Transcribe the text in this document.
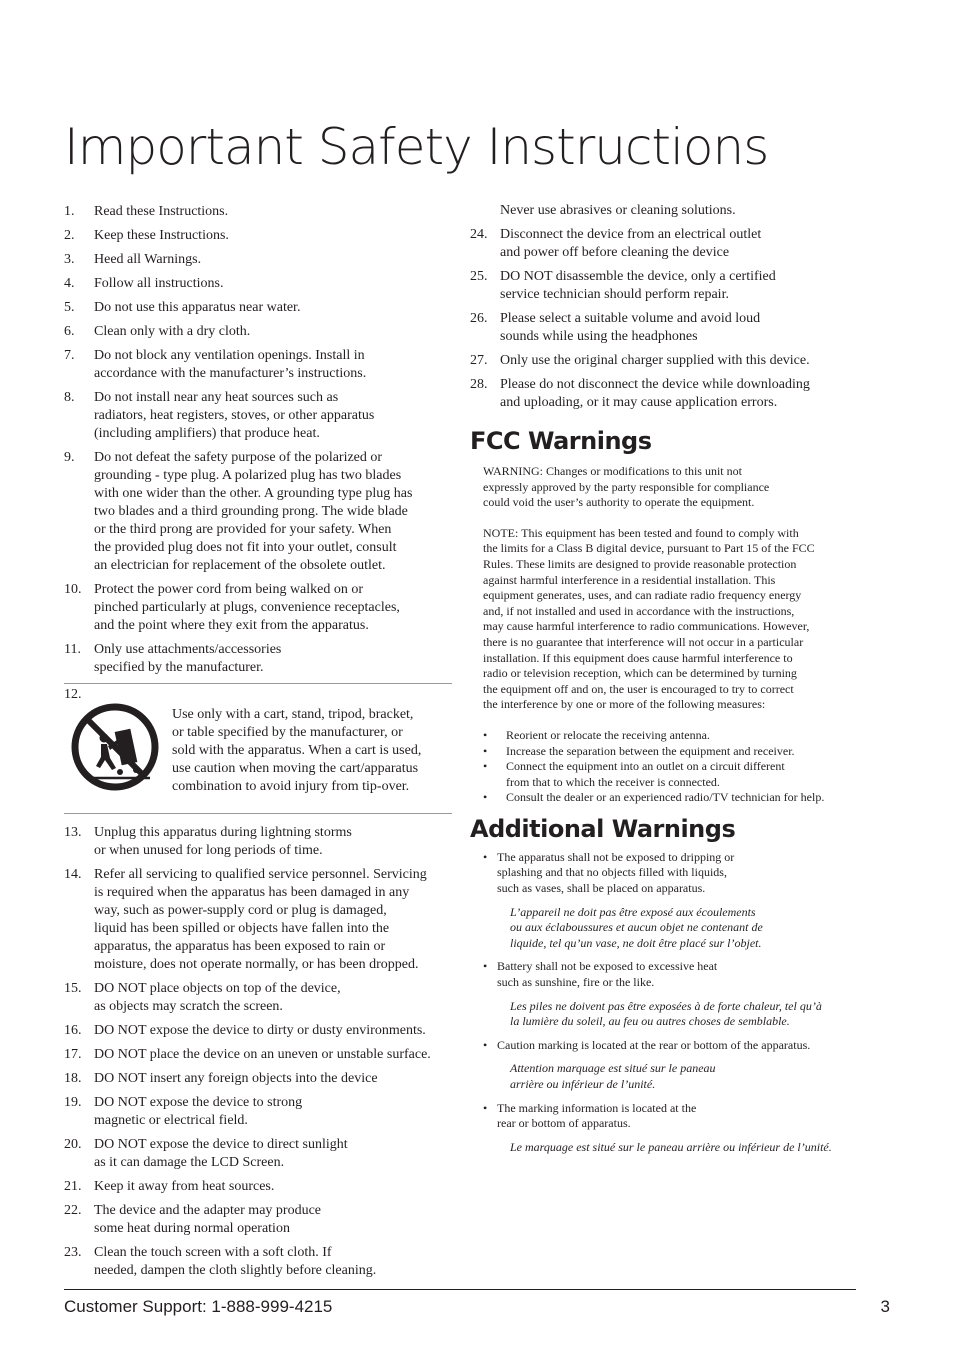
Important Safety Instructions
1.	Read these Instructions.
2.	Keep these Instructions.
3.	Heed all Warnings.
4.	Follow all instructions.
5.	Do not use this apparatus near water.
6.	Clean only with a dry cloth.
7.	Do not block any ventilation openings. Install in
accordance with the manufacturer’s instructions.
8.	Do not install near any heat sources such as
radiators, heat registers, stoves, or other apparatus
(including amplifiers) that produce heat.
9.	Do not defeat the safety purpose of the polarized or
grounding - type plug. A polarized plug has two blades
with one wider than the other. A grounding type plug has
two blades and a third grounding prong. The wide blade
or the third prong are provided for your safety. When
the provided plug does not fit into your outlet, consult
an electrician for replacement of the obsolete outlet.
10. Protect the power cord from being walked on or
pinched particularly at plugs, convenience receptacles,
and the point where they exit from the apparatus.
11. Only use attachments/accessories
specified by the manufacturer.
12.
Use only with a cart, stand, tripod, bracket,
or table specified by the manufacturer, or
sold with the apparatus. When a cart is used,
use caution when moving the cart/apparatus
combination to avoid injury from tip-over.
13. Unplug this apparatus during lightning storms
or when unused for long periods of time.
14. Refer all servicing to qualified service personnel. Servicing
is required when the apparatus has been damaged in any
way, such as power-supply cord or plug is damaged,
liquid has been spilled or objects have fallen into the
apparatus, the apparatus has been exposed to rain or
moisture, does not operate normally, or has been dropped.
15. DO NOT place objects on top of the device,
as objects may scratch the screen.
16. DO NOT expose the device to dirty or dusty environments.
17. DO NOT place the device on an uneven or unstable surface.
18. DO NOT insert any foreign objects into the device
19. DO NOT expose the device to strong
magnetic or electrical field.
20. DO NOT expose the device to direct sunlight
as it can damage the LCD Screen.
21. Keep it away from heat sources.
22. The device and the adapter may produce
some heat during normal operation
23. Clean the touch screen with a soft cloth. If
needed, dampen the cloth slightly before cleaning.
Never use abrasives or cleaning solutions.
24. Disconnect the device from an electrical outlet
and power off before cleaning the device
25. DO NOT disassemble the device, only a certified
service technician should perform repair.
26. Please select a suitable volume and avoid loud
sounds while using the headphones
27. Only use the original charger supplied with this device.
28. Please do not disconnect the device while downloading
and uploading, or it may cause application errors.
FCC Warnings
WARNING: Changes or modifications to this unit not
expressly approved by the party responsible for compliance
could void the user’s authority to operate the equipment.
NOTE: This equipment has been tested and found to comply with
the limits for a Class B digital device, pursuant to Part 15 of the FCC
Rules. These limits are designed to provide reasonable protection
against harmful interference in a residential installation. This
equipment generates, uses, and can radiate radio frequency energy
and, if not installed and used in accordance with the instructions,
may cause harmful interference to radio communications. However,
there is no guarantee that interference will not occur in a particular
installation. If this equipment does cause harmful interference to
radio or television reception, which can be determined by turning
the equipment off and on, the user is encouraged to try to correct
the interference by one or more of the following measures:
•	Reorient or relocate the receiving antenna.
•	Increase the separation between the equipment and receiver.
•	Connect the equipment into an outlet on a circuit different
from that to which the receiver is connected.
•	Consult the dealer or an experienced radio/TV technician for help.
Additional Warnings
• The apparatus shall not be exposed to dripping or
splashing and that no objects filled with liquids,
such as vases, shall be placed on apparatus.
L’appareil ne doit pas être exposé aux écoulements
ou aux éclaboussures et aucun objet ne contenant de
liquide, tel qu’un vase, ne doit être placé sur l’objet.
• Battery shall not be exposed to excessive heat
such as sunshine, fire or the like.
Les piles ne doivent pas être exposées à de forte chaleur, tel qu’à
la lumière du soleil, au feu ou autres choses de semblable.
• Caution marking is located at the rear or bottom of the apparatus.
Attention marquage est situé sur le paneau
arrière ou inférieur de l’unité.
• The marking information is located at the
rear or bottom of apparatus.
Le marquage est situé sur le paneau arrière ou inférieur de l’unité.
Customer Support: 1-888-999-4215	3
